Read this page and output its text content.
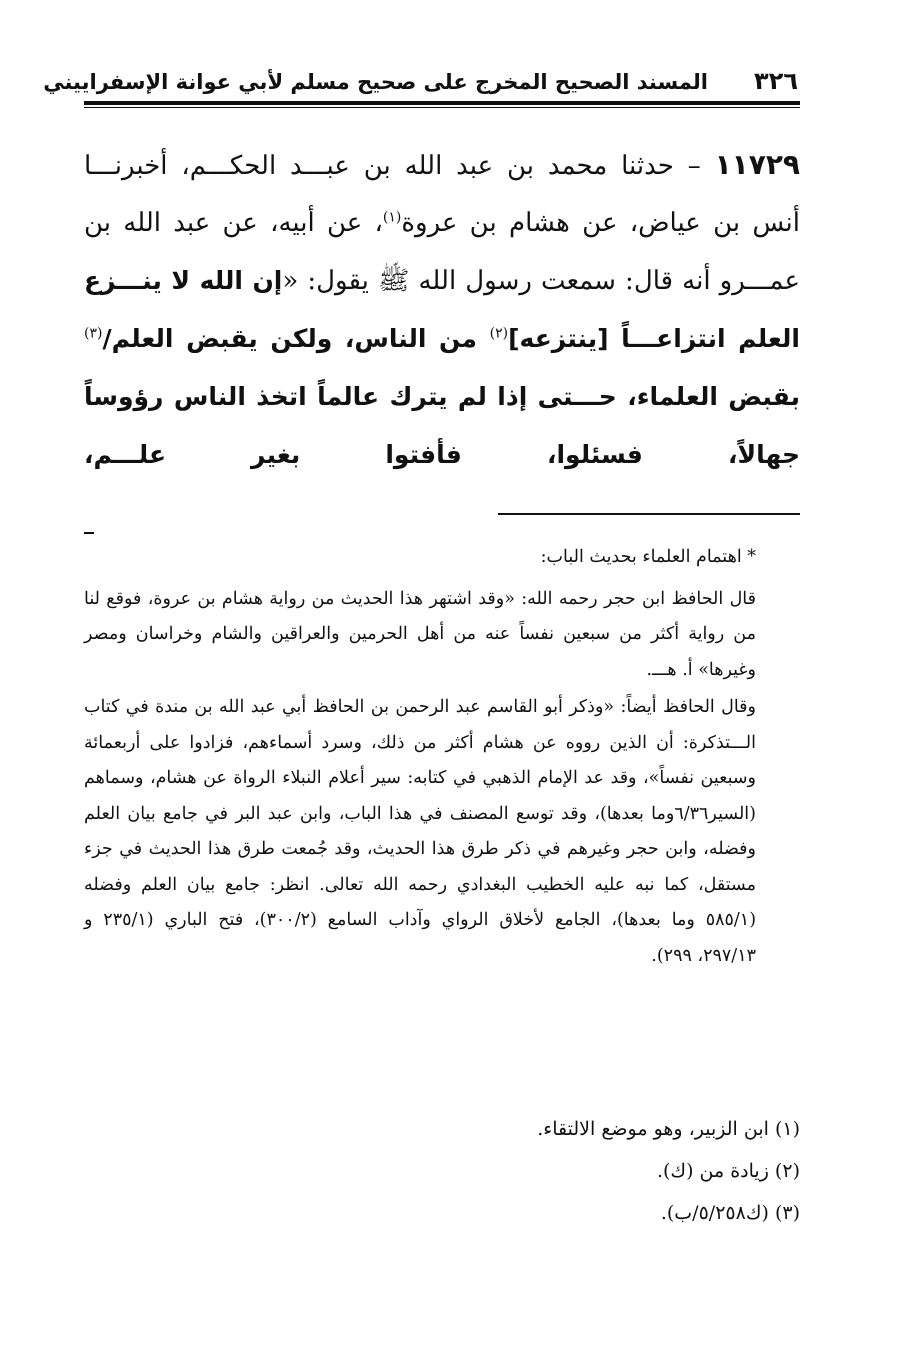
٣٢٦
المسند الصحيح المخرج على صحيح مسلم لأبي عوانة الإسفراييني

١١٧٢٩ – حدثنا محمد بن عبد الله بن عبـــد الحكـــم، أخبرنـــا أنس بن عياض، عن هشام بن عروة$^{(١)}$، عن أبيه، عن عبد الله بن عمـــرو أنه قال: سمعت رسول الله ﷺ يقول: «إن الله لا ينـــزع العلم انتزاعـــاً [ينتزعه]$^{(٢)}$ من الناس، ولكن يقبض العلم/$^{(٣)}$ بقبض العلماء، حـــتى إذا لم يترك عالماً اتخذ الناس رؤوساً جهالاً، فسئلوا، فأفتوا بغير علـــم،

* اهتمام العلماء بحديث الباب:

قال الحافظ ابن حجر رحمه الله: «وقد اشتهر هذا الحديث من رواية هشام بن عروة، فوقع لنا من رواية أكثر من سبعين نفساً عنه من أهل الحرمين والعراقين والشام وخراسان ومصر وغيرها» أ. هـــ.

وقال الحافظ أيضاً: «وذكر أبو القاسم عبد الرحمن بن الحافظ أبي عبد الله بن مندة في كتاب الـــتذكرة: أن الذين رووه عن هشام أكثر من ذلك، وسرد أسماءهم، فزادوا على أربعمائة وسبعين نفساً»، وقد عد الإمام الذهبي في كتابه: سير أعلام النبلاء الرواة عن هشام، وسماهم (السير٦/٣٦وما بعدها)، وقد توسع المصنف في هذا الباب، وابن عبد البر في جامع بيان العلم وفضله، وابن حجر وغيرهم في ذكر طرق هذا الحديث، وقد جُمعت طرق هذا الحديث في جزء مستقل، كما نبه عليه الخطيب البغدادي رحمه الله تعالى. انظر: جامع بيان العلم وفضله (٥٨٥/١ وما بعدها)، الجامع لأخلاق الرواي وآداب السامع (٣٠٠/٢)، فتح الباري (٢٣٥/١ و ٢٩٧/١٣، ٢٩٩).

(١) ابن الزبير، وهو موضع الالتقاء.

(٢) زيادة من (ك).

(٣) (ك٥/٢٥٨/ب).
